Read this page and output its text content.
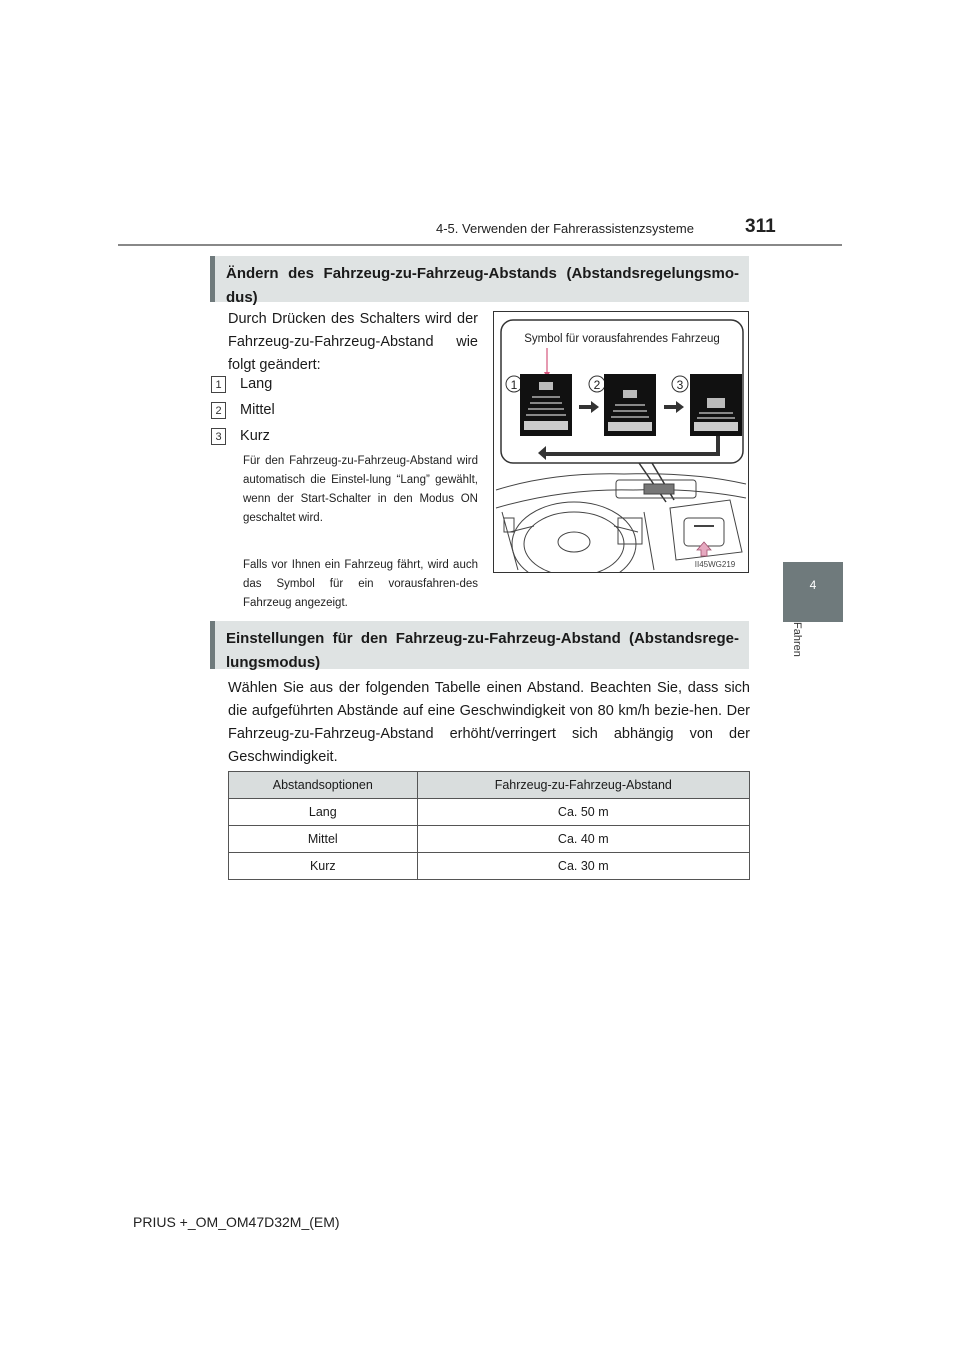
4-5. Verwenden der Fahrerassistenzsysteme	311
4
Fahren
Ändern des Fahrzeug-zu-Fahrzeug-Abstands (Abstandsregelungsmo-dus)
Durch Drücken des Schalters wird der Fahrzeug-zu-Fahrzeug-Abstand wie folgt geändert:
1 Lang
2 Mittel
3 Kurz
Für den Fahrzeug-zu-Fahrzeug-Abstand wird automatisch die Einstel-lung “Lang” gewählt, wenn der Start-Schalter in den Modus ON geschaltet wird.
Falls vor Ihnen ein Fahrzeug fährt, wird auch das Symbol für ein vorausfahren-des Fahrzeug angezeigt.
Symbol für vorausfahrendes Fahrzeug
1	2	3
II45WG219
Einstellungen für den Fahrzeug-zu-Fahrzeug-Abstand (Abstandsrege-lungsmodus)
Wählen Sie aus der folgenden Tabelle einen Abstand. Beachten Sie, dass sich die aufgeführten Abstände auf eine Geschwindigkeit von 80 km/h bezie-hen. Der Fahrzeug-zu-Fahrzeug-Abstand erhöht/verringert sich abhängig von der Geschwindigkeit.
Abstandsoptionen	Fahrzeug-zu-Fahrzeug-Abstand
Lang	Ca. 50 m
Mittel	Ca. 40 m
Kurz	Ca. 30 m
PRIUS +_OM_OM47D32M_(EM)
